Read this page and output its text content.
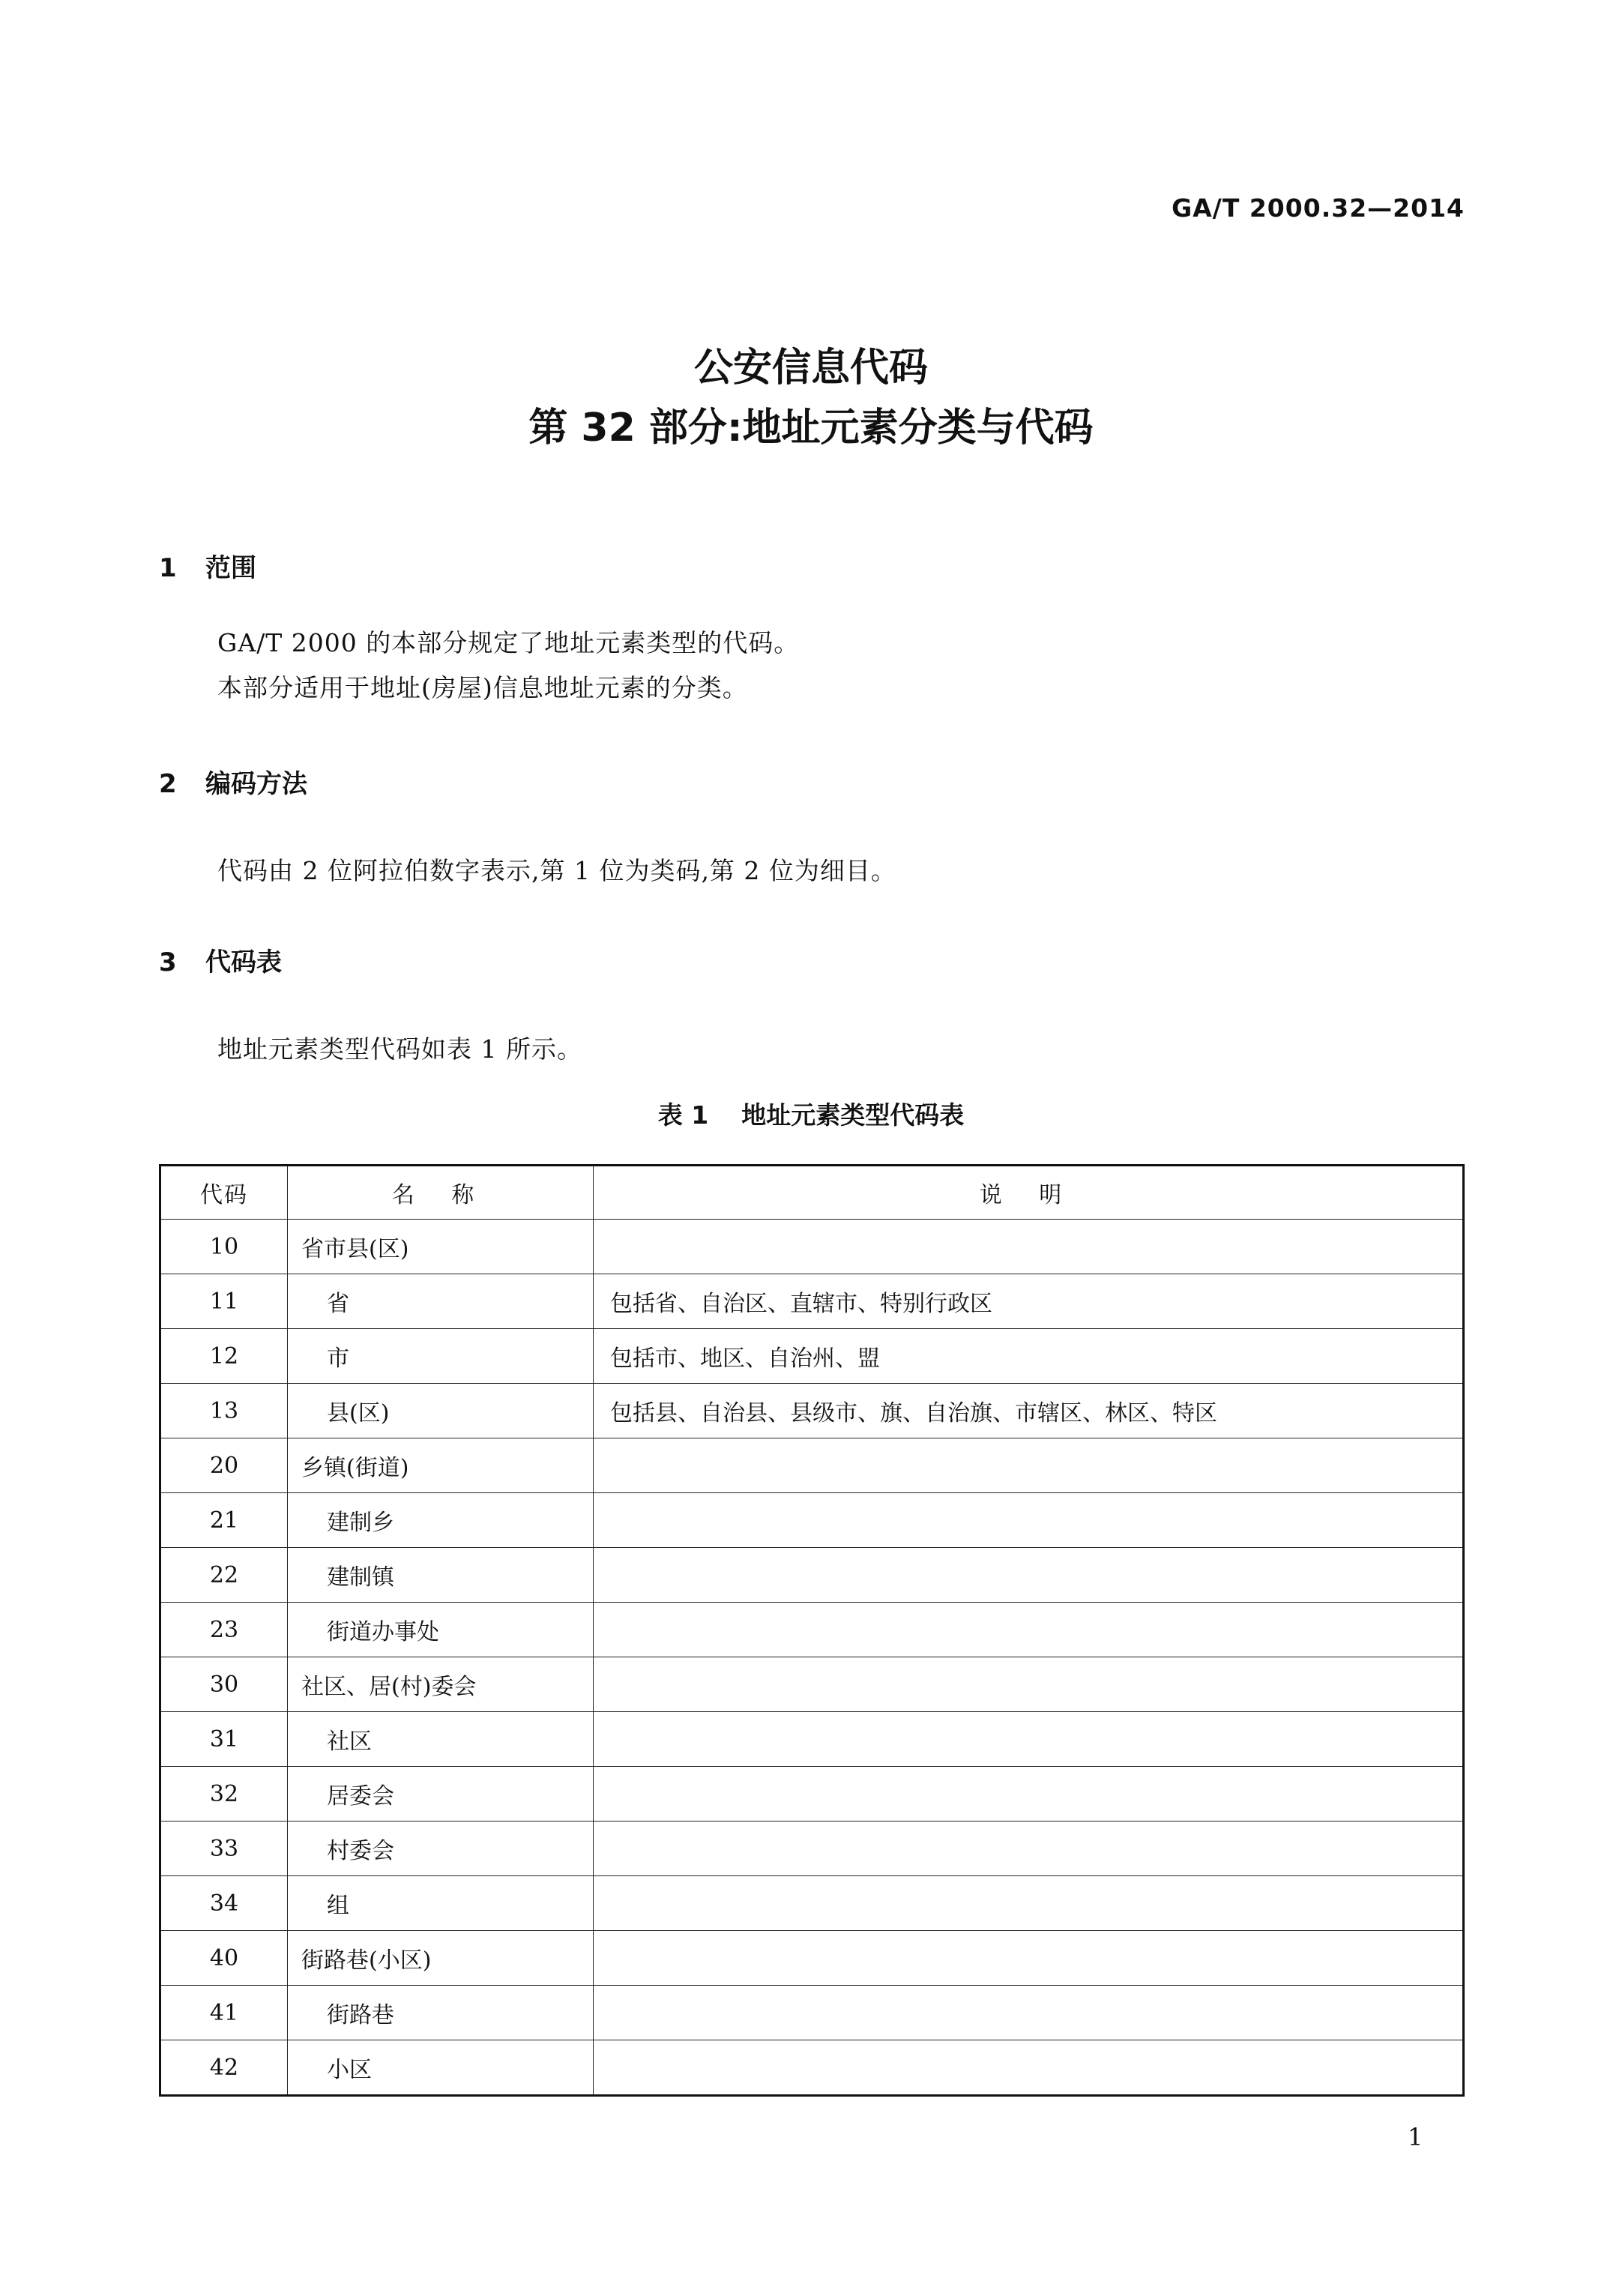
GA/T 2000.32—2014
公安信息代码
第 32 部分:地址元素分类与代码
1 范围
GA/T 2000 的本部分规定了地址元素类型的代码。
本部分适用于地址(房屋)信息地址元素的分类。
2 编码方法
代码由 2 位阿拉伯数字表示,第 1 位为类码,第 2 位为细目。
3 代码表
地址元素类型代码如表 1 所示。
表 1 地址元素类型代码表
代码	名 称	说 明
10	省市县(区)	
11	省	包括省、自治区、直辖市、特别行政区
12	市	包括市、地区、自治州、盟
13	县(区)	包括县、自治县、县级市、旗、自治旗、市辖区、林区、特区
20	乡镇(街道)	
21	建制乡	
22	建制镇	
23	街道办事处	
30	社区、居(村)委会	
31	社区	
32	居委会	
33	村委会	
34	组	
40	街路巷(小区)	
41	街路巷	
42	小区	
1
